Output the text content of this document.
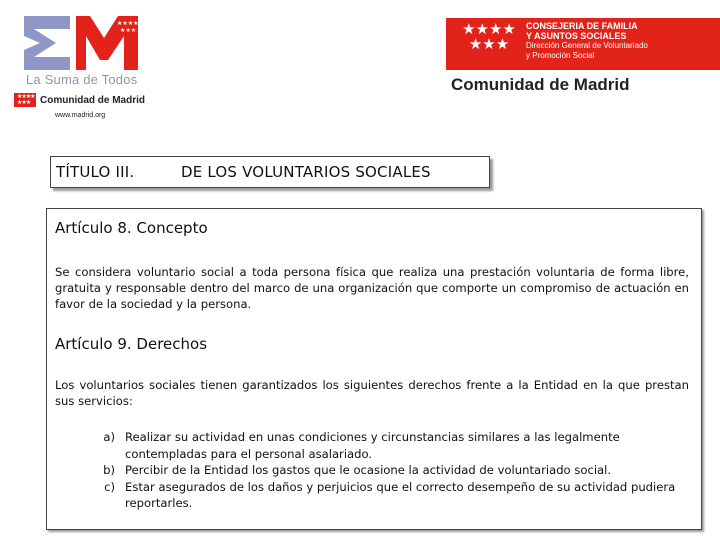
★★★★
★★★
La Suma de Todos
★★★★
★★★ Comunidad de Madrid
www.madrid.org
★★★★
★★★
CONSEJERIA DE FAMILIA
Y ASUNTOS SOCIALES
Dirección General de Voluntariado
y Promoción Social
Comunidad de Madrid
TÍTULO III.	DE LOS VOLUNTARIOS SOCIALES
Artículo 8. Concepto
Se considera voluntario social a toda persona física que realiza una prestación voluntaria de forma libre, gratuita y responsable dentro del marco de una organización que comporte un compromiso de actuación en favor de la sociedad y la persona.
Artículo 9. Derechos
Los voluntarios sociales tienen garantizados los siguientes derechos frente a la Entidad en la que prestan sus servicios:
a) Realizar su actividad en unas condiciones y circunstancias similares a las legalmente contempladas para el personal asalariado.
b) Percibir de la Entidad los gastos que le ocasione la actividad de voluntariado social.
c) Estar asegurados de los daños y perjuicios que el correcto desempeño de su actividad pudiera reportarles.
